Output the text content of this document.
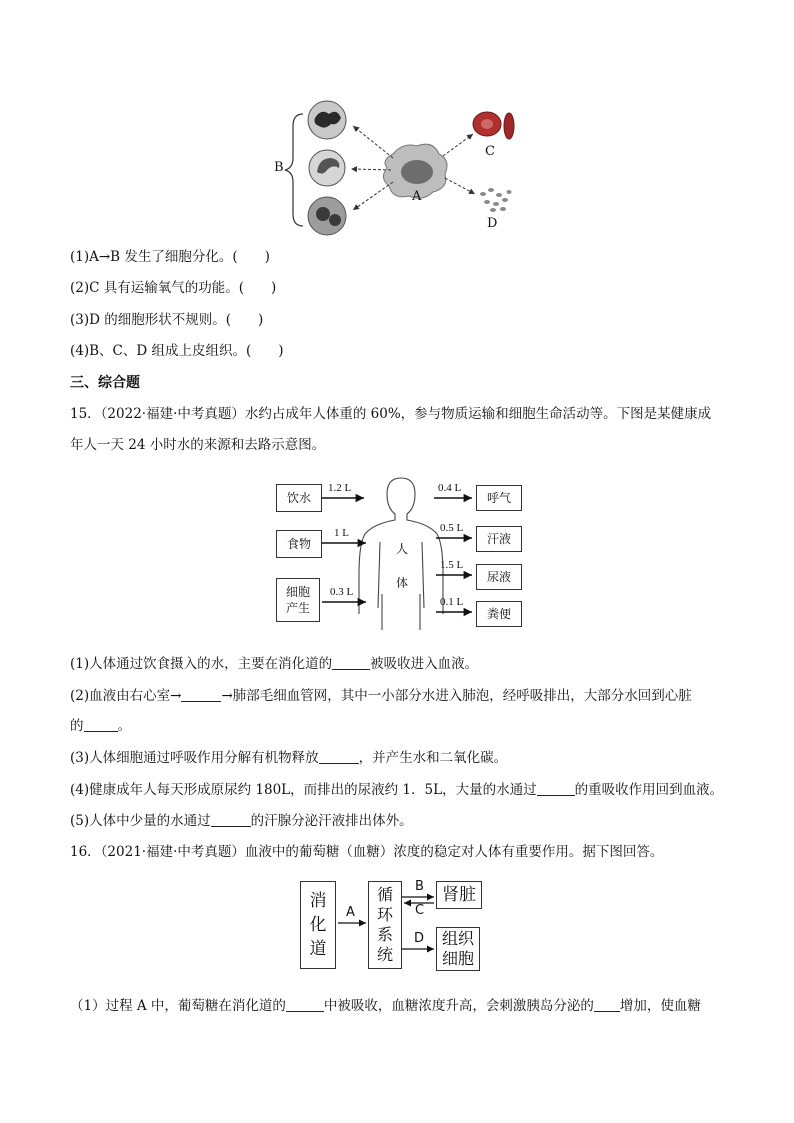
B
A
C
D
(1)A→B 发生了细胞分化。(　　)
(2)C 具有运输氧气的功能。(　　)
(3)D 的细胞形状不规则。(　　)
(4)B、C、D 组成上皮组织。(　　)
三、综合题
15．（2022·福建·中考真题）水约占成年人体重的 60%，参与物质运输和细胞生命活动等。下图是某健康成
年人一天 24 小时水的来源和去路示意图。
饮水
食物
细胞产生
1.2 L
1 L
0.3 L
人
体
0.4 L
0.5 L
1.5 L
0.1 L
呼气
汗液
尿液
粪便
(1)人体通过饮食摄入的水，主要在消化道的	被吸收进入血液。
(2)血液由右心室→	→肺部毛细血管网，其中一小部分水进入肺泡，经呼吸排出，大部分水回到心脏
的	。
(3)人体细胞通过呼吸作用分解有机物释放	，并产生水和二氧化碳。
(4)健康成年人每天形成原尿约 180L，而排出的尿液约 1．5L，大量的水通过	的重吸收作用回到血液。
(5)人体中少量的水通过	的汗腺分泌汗液排出体外。
16．（2021·福建·中考真题）血液中的葡萄糖（血糖）浓度的稳定对人体有重要作用。据下图回答。
消化道
循环系统
肾脏
组织细胞
A
B
C
D
（1）过程 A 中，葡萄糖在消化道的	中被吸收，血糖浓度升高，会刺激胰岛分泌的 增加，使血糖
